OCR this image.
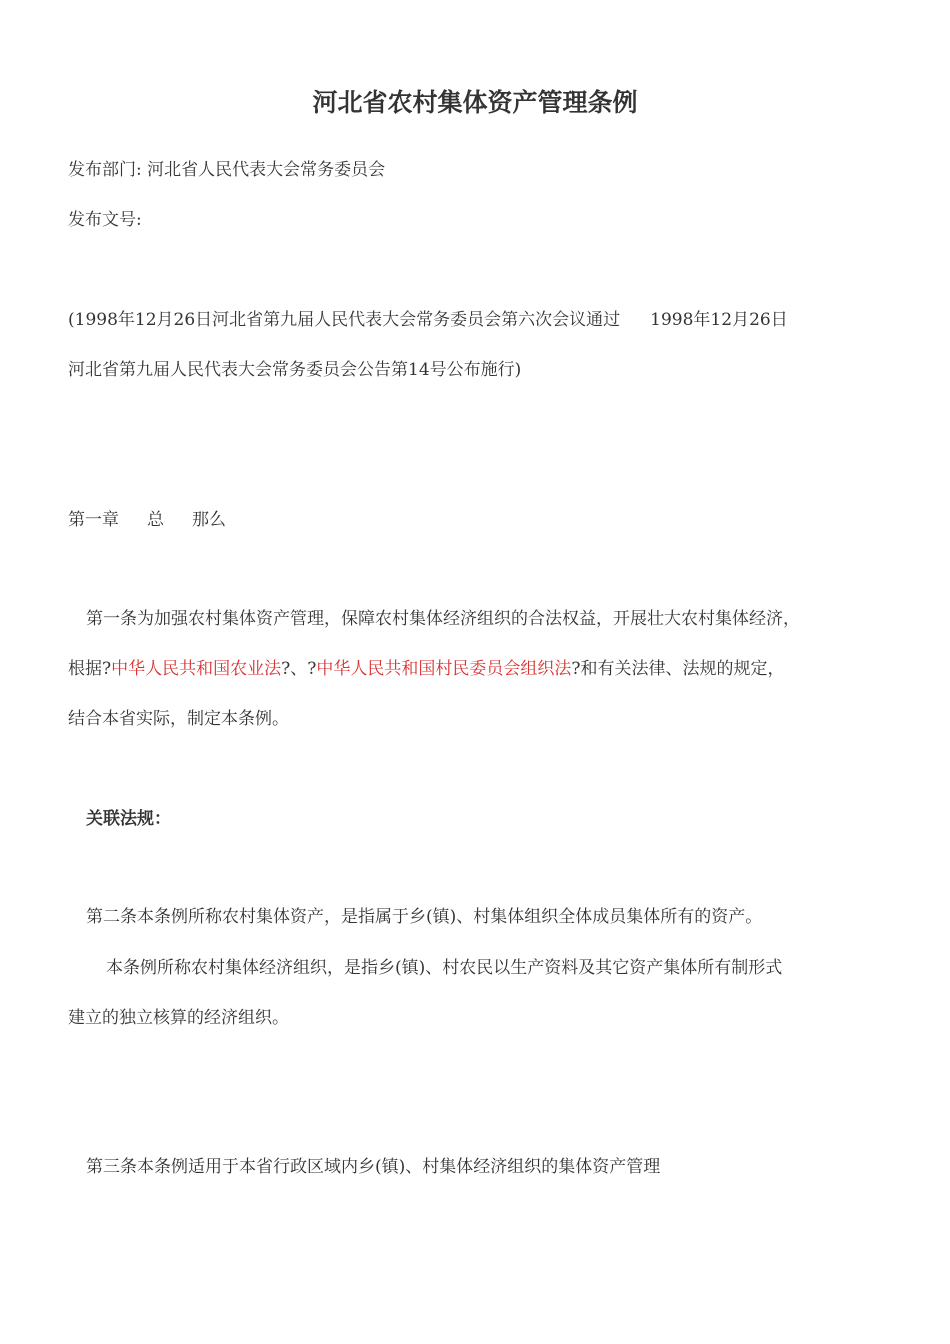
河北省农村集体资产管理条例
发布部门: 河北省人民代表大会常务委员会
发布文号:
(1998年12月26日河北省第九届人民代表大会常务委员会第六次会议通过 1998年12月26日
河北省第九届人民代表大会常务委员会公告第14号公布施行)
第一章 总 那么
第一条为加强农村集体资产管理，保障农村集体经济组织的合法权益，开展壮大农村集体经济，
根据?中华人民共和国农业法?、?中华人民共和国村民委员会组织法?和有关法律、法规的规定，
结合本省实际，制定本条例。
关联法规：
第二条本条例所称农村集体资产，是指属于乡(镇)、村集体组织全体成员集体所有的资产。
本条例所称农村集体经济组织，是指乡(镇)、村农民以生产资料及其它资产集体所有制形式
建立的独立核算的经济组织。
第三条本条例适用于本省行政区域内乡(镇)、村集体经济组织的集体资产管理
